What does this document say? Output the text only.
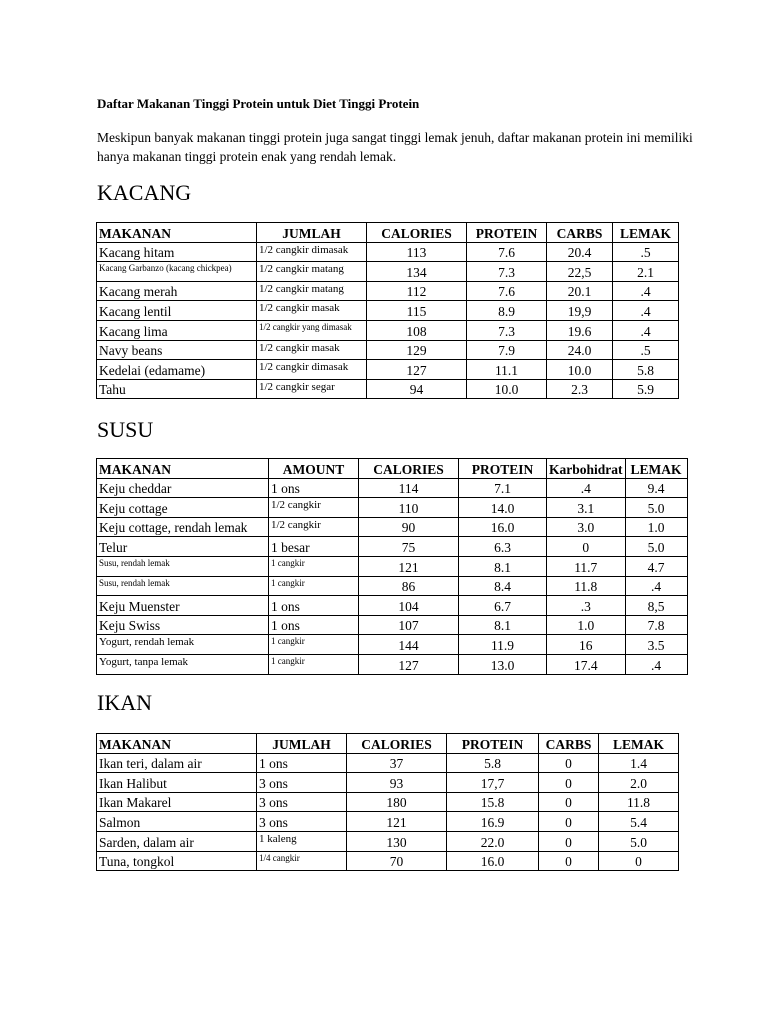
Daftar Makanan Tinggi Protein untuk Diet Tinggi Protein
Meskipun banyak makanan tinggi protein juga sangat tinggi lemak jenuh, daftar makanan protein ini memiliki hanya makanan tinggi protein enak yang rendah lemak.
KACANG
MAKANAN	JUMLAH	CALORIES	PROTEIN	CARBS	LEMAK
Kacang hitam	1/2 cangkir dimasak	113	7.6	20.4	.5
Kacang Garbanzo (kacang chickpea)	1/2 cangkir matang	134	7.3	22,5	2.1
Kacang merah	1/2 cangkir matang	112	7.6	20.1	.4
Kacang lentil	1/2 cangkir masak	115	8.9	19,9	.4
Kacang lima	1/2 cangkir yang dimasak	108	7.3	19.6	.4
Navy beans	1/2 cangkir masak	129	7.9	24.0	.5
Kedelai (edamame)	1/2 cangkir dimasak	127	11.1	10.0	5.8
Tahu	1/2 cangkir segar	94	10.0	2.3	5.9
SUSU
MAKANAN	AMOUNT	CALORIES	PROTEIN	Karbohidrat	LEMAK
Keju cheddar	1 ons	114	7.1	.4	9.4
Keju cottage	1/2 cangkir	110	14.0	3.1	5.0
Keju cottage, rendah lemak	1/2 cangkir	90	16.0	3.0	1.0
Telur	1 besar	75	6.3	0	5.0
Susu, rendah lemak	1 cangkir	121	8.1	11.7	4.7
Susu, rendah lemak	1 cangkir	86	8.4	11.8	.4
Keju Muenster	1 ons	104	6.7	.3	8,5
Keju Swiss	1 ons	107	8.1	1.0	7.8
Yogurt, rendah lemak	1 cangkir	144	11.9	16	3.5
Yogurt, tanpa lemak	1 cangkir	127	13.0	17.4	.4
IKAN
MAKANAN	JUMLAH	CALORIES	PROTEIN	CARBS	LEMAK
Ikan teri, dalam air	1 ons	37	5.8	0	1.4
Ikan Halibut	3 ons	93	17,7	0	2.0
Ikan Makarel	3 ons	180	15.8	0	11.8
Salmon	3 ons	121	16.9	0	5.4
Sarden, dalam air	1 kaleng	130	22.0	0	5.0
Tuna, tongkol	1/4 cangkir	70	16.0	0	0
